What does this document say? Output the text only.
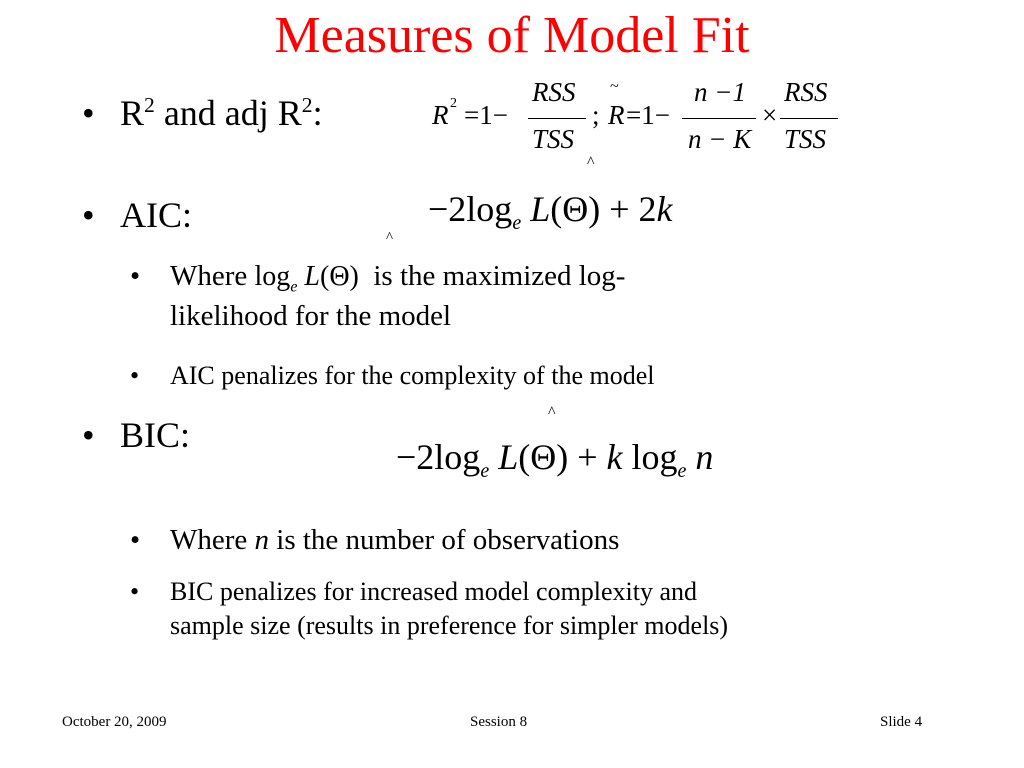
Measures of Model Fit
• $R^2$ and adj $R^2$:	R 2 =1−
RSS
TSS
;
~
R =1−
n −1
n − K
×
RSS
TSS
^
• AIC:	$-2\log_e$ L(Θ) + 2k
^
• Where $\log_e L(\Theta)$ is the maximized log-
likelihood for the model
• AIC penalizes for the complexity of the model
^
• BIC:
$-2\log_e$ L(Θ) + k $\log_e n$
• Where n is the number of observations
• BIC penalizes for increased model complexity and
sample size (results in preference for simpler models)
October 20, 2009	Session 8	Slide 4
